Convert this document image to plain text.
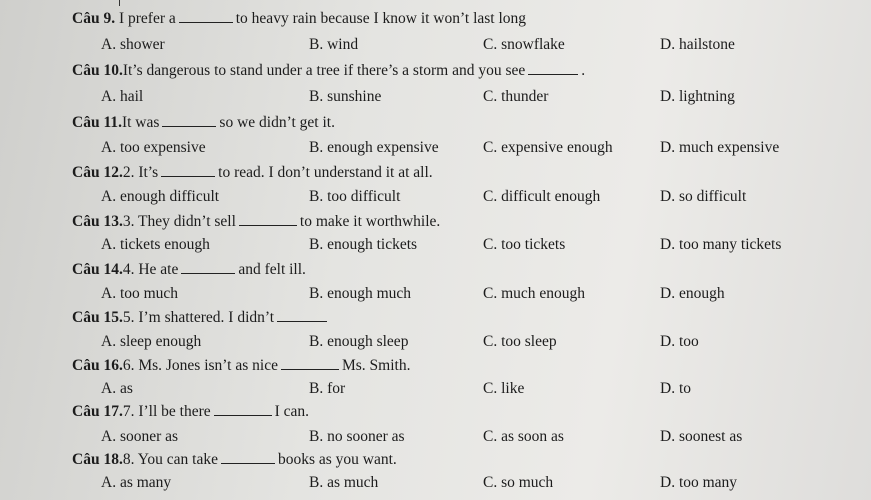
Câu 9. I prefer a	to heavy rain because I know it won’t last long
A. shower	B. wind	C. snowflake	D. hailstone
Câu 10.It’s dangerous to stand under a tree if there’s a storm and you see	.
A. hail	B. sunshine	C. thunder	D. lightning
Câu 11.It was	so we didn’t get it.
A. too expensive	B. enough expensive	C. expensive enough	D. much expensive
Câu 12.2. It’s	to read. I don’t understand it at all.
A. enough difficult	B. too difficult	C. difficult enough	D. so difficult
Câu 13.3. They didn’t sell	to make it worthwhile.
A. tickets enough	B. enough tickets	C. too tickets	D. too many tickets
Câu 14.4. He ate	and felt ill.
A. too much	B. enough much	C. much enough	D. enough
Câu 15.5. I’m shattered. I didn’t
A. sleep enough	B. enough sleep	C. too sleep	D. too
Câu 16.6. Ms. Jones isn’t as nice	Ms. Smith.
A. as	B. for	C. like	D. to
Câu 17.7. I’ll be there	I can.
A. sooner as	B. no sooner as	C. as soon as	D. soonest as
Câu 18.8. You can take	books as you want.
A. as many	B. as much	C. so much	D. too many
